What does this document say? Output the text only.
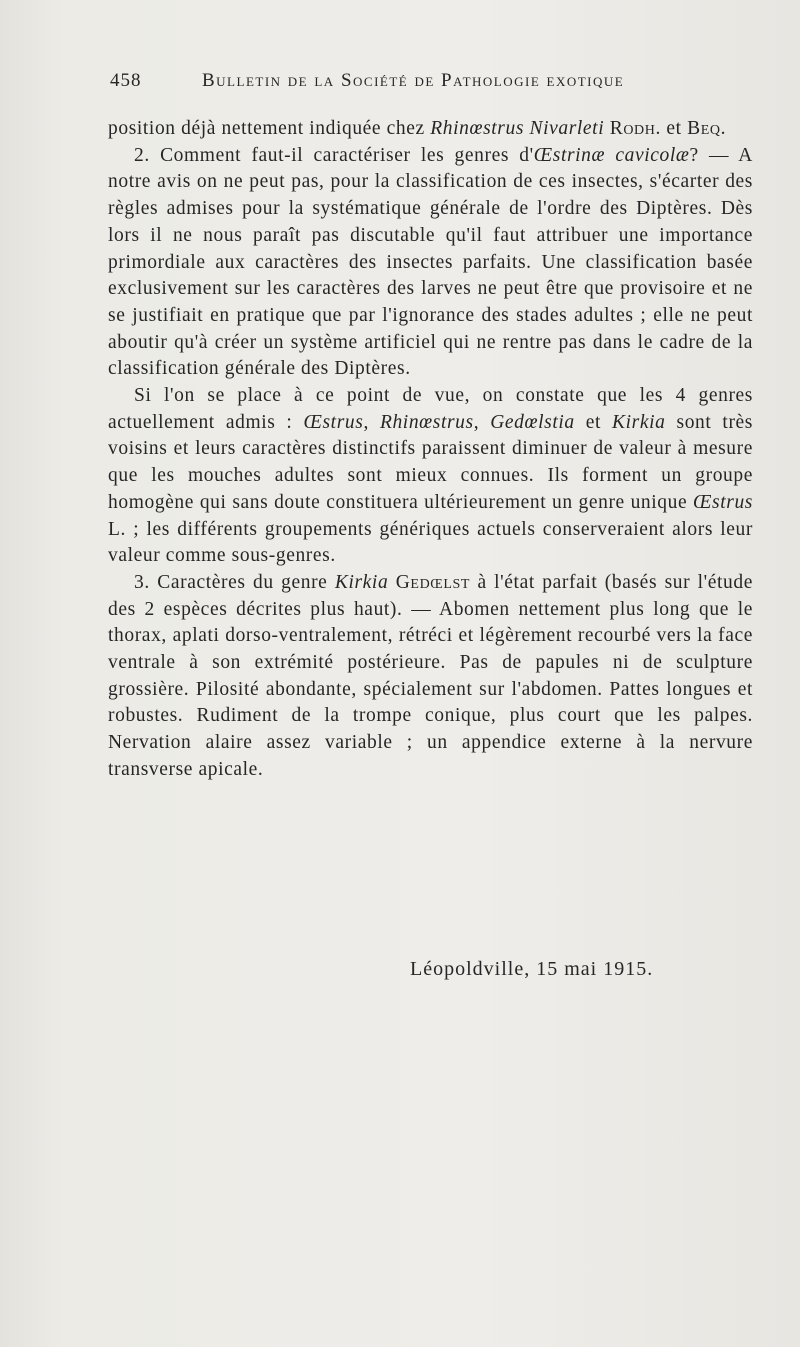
458	Bulletin de la Société de Pathologie exotique

position déjà nettement indiquée chez Rhinœstrus Nivarleti Rodh. et Beq.

2. Comment faut-il caractériser les genres d'Œstrinæ cavicolæ? — A notre avis on ne peut pas, pour la classification de ces insectes, s'écarter des règles admises pour la systématique générale de l'ordre des Diptères. Dès lors il ne nous paraît pas discutable qu'il faut attribuer une importance primordiale aux caractères des insectes parfaits. Une classification basée exclusivement sur les caractères des larves ne peut être que provisoire et ne se justifiait en pratique que par l'ignorance des stades adultes ; elle ne peut aboutir qu'à créer un système artificiel qui ne rentre pas dans le cadre de la classification générale des Diptères.

Si l'on se place à ce point de vue, on constate que les 4 genres actuellement admis : Œstrus, Rhinœstrus, Gedœlstia et Kirkia sont très voisins et leurs caractères distinctifs paraissent diminuer de valeur à mesure que les mouches adultes sont mieux connues. Ils forment un groupe homogène qui sans doute constituera ultérieurement un genre unique Œstrus L. ; les différents groupements génériques actuels conserveraient alors leur valeur comme sous-genres.

3. Caractères du genre Kirkia Gedœlst à l'état parfait (basés sur l'étude des 2 espèces décrites plus haut). — Abomen nettement plus long que le thorax, aplati dorso-ventralement, rétréci et légèrement recourbé vers la face ventrale à son extrémité postérieure. Pas de papules ni de sculpture grossière. Pilosité abondante, spécialement sur l'abdomen. Pattes longues et robustes. Rudiment de la trompe conique, plus court que les palpes. Nervation alaire assez variable ; un appendice externe à la nervure transverse apicale.

Léopoldville, 15 mai 1915.
